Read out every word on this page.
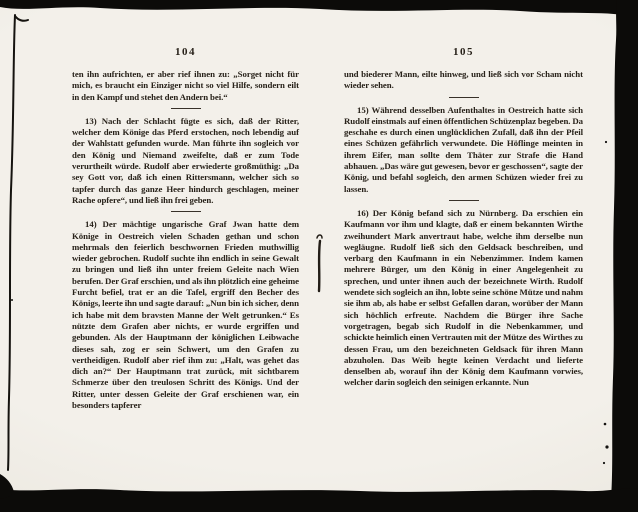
104

ten ihn aufrichten, er aber rief ihnen zu: „Sorget nicht für mich, es braucht ein Einziger nicht so viel Hilfe, sondern eilt in den Kampf und stehet den Andern bei.“

13) Nach der Schlacht fügte es sich, daß der Ritter, welcher dem Könige das Pferd erstochen, noch lebendig auf der Wahlstatt gefunden wurde. Man führte ihn sogleich vor den König und Niemand zweifelte, daß er zum Tode verurtheilt würde. Rudolf aber erwiederte großmüthig: „Da sey Gott vor, daß ich einen Rittersmann, welcher sich so tapfer durch das ganze Heer hindurch geschlagen, meiner Rache opfere“, und ließ ihn frei geben.

14) Der mächtige ungarische Graf Jwan hatte dem Könige in Oestreich vielen Schaden gethan und schon mehrmals den feierlich beschwornen Frieden muthwillig wieder gebrochen. Rudolf suchte ihn endlich in seine Gewalt zu bringen und ließ ihn unter freiem Geleite nach Wien berufen. Der Graf erschien, und als ihn plötzlich eine geheime Furcht befiel, trat er an die Tafel, ergriff den Becher des Königs, leerte ihn und sagte darauf: „Nun bin ich sicher, denn ich habe mit dem bravsten Manne der Welt getrunken.“ Es nützte dem Grafen aber nichts, er wurde ergriffen und gebunden. Als der Hauptmann der königlichen Leibwache dieses sah, zog er sein Schwert, um den Grafen zu vertheidigen. Rudolf aber rief ihm zu: „Halt, was gehet das dich an?“ Der Hauptmann trat zurück, mit sichtbarem Schmerze über den treulosen Schritt des Königs. Und der Ritter, unter dessen Geleite der Graf erschienen war, ein besonders tapferer

105

und biederer Mann, eilte hinweg, und ließ sich vor Scham nicht wieder sehen.

15) Während desselben Aufenthaltes in Oestreich hatte sich Rudolf einstmals auf einen öffentlichen Schüzenplaz begeben. Da geschahe es durch einen unglücklichen Zufall, daß ihn der Pfeil eines Schüzen gefährlich verwundete. Die Höflinge meinten in ihrem Eifer, man sollte dem Thäter zur Strafe die Hand abhauen. „Das wäre gut gewesen, bevor er geschossen“, sagte der König, und befahl sogleich, den armen Schüzen wieder frei zu lassen.

16) Der König befand sich zu Nürnberg. Da erschien ein Kaufmann vor ihm und klagte, daß er einem bekannten Wirthe zweihundert Mark anvertraut habe, welche ihm derselbe nun wegläugne. Rudolf ließ sich den Geldsack beschreiben, und verbarg den Kaufmann in ein Nebenzimmer. Indem kamen mehrere Bürger, um den König in einer Angelegenheit zu sprechen, und unter ihnen auch der bezeichnete Wirth. Rudolf wendete sich sogleich an ihn, lobte seine schöne Mütze und nahm sie ihm ab, als habe er selbst Gefallen daran, worüber der Mann sich höchlich erfreute. Nachdem die Bürger ihre Sache vorgetragen, begab sich Rudolf in die Nebenkammer, und schickte heimlich einen Vertrauten mit der Mütze des Wirthes zu dessen Frau, um den bezeichneten Geldsack für ihren Mann abzuholen. Das Weib hegte keinen Verdacht und lieferte denselben ab, worauf ihn der König dem Kaufmann vorwies, welcher darin sogleich den seinigen erkannte. Nun
